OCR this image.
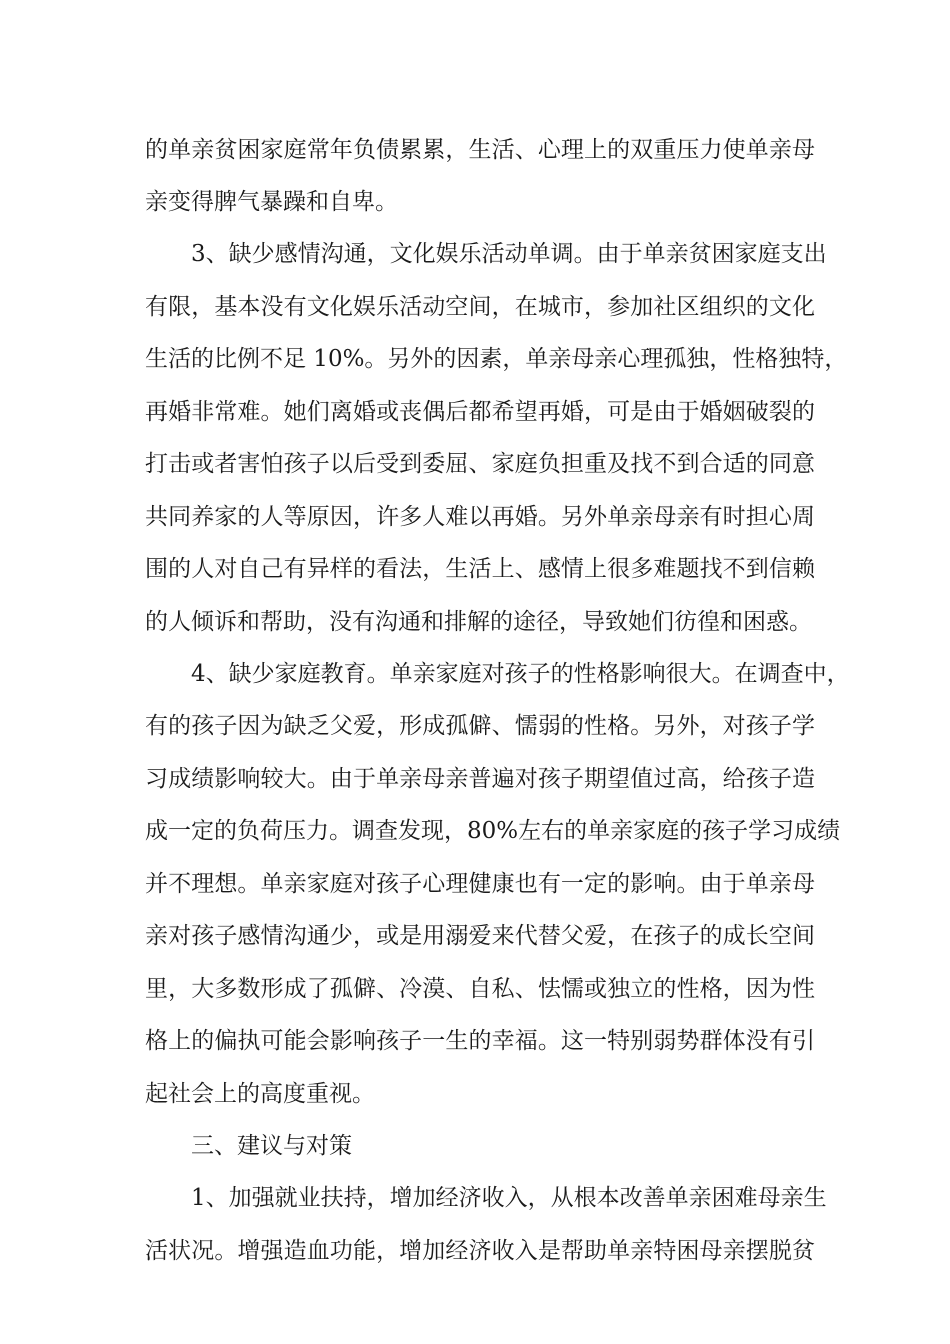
的单亲贫困家庭常年负债累累，生活、心理上的双重压力使单亲母
亲变得脾气暴躁和自卑。
3、缺少感情沟通，文化娱乐活动单调。由于单亲贫困家庭支出
有限，基本没有文化娱乐活动空间，在城市，参加社区组织的文化
生活的比例不足 10%。另外的因素，单亲母亲心理孤独，性格独特，
再婚非常难。她们离婚或丧偶后都希望再婚，可是由于婚姻破裂的
打击或者害怕孩子以后受到委屈、家庭负担重及找不到合适的同意
共同养家的人等原因，许多人难以再婚。另外单亲母亲有时担心周
围的人对自己有异样的看法，生活上、感情上很多难题找不到信赖
的人倾诉和帮助，没有沟通和排解的途径，导致她们彷徨和困惑。
4、缺少家庭教育。单亲家庭对孩子的性格影响很大。在调查中，
有的孩子因为缺乏父爱，形成孤僻、懦弱的性格。另外，对孩子学
习成绩影响较大。由于单亲母亲普遍对孩子期望值过高，给孩子造
成一定的负荷压力。调查发现，80%左右的单亲家庭的孩子学习成绩
并不理想。单亲家庭对孩子心理健康也有一定的影响。由于单亲母
亲对孩子感情沟通少，或是用溺爱来代替父爱，在孩子的成长空间
里，大多数形成了孤僻、冷漠、自私、怯懦或独立的性格，因为性
格上的偏执可能会影响孩子一生的幸福。这一特别弱势群体没有引
起社会上的高度重视。
三、建议与对策
1、加强就业扶持，增加经济收入，从根本改善单亲困难母亲生
活状况。增强造血功能，增加经济收入是帮助单亲特困母亲摆脱贫
